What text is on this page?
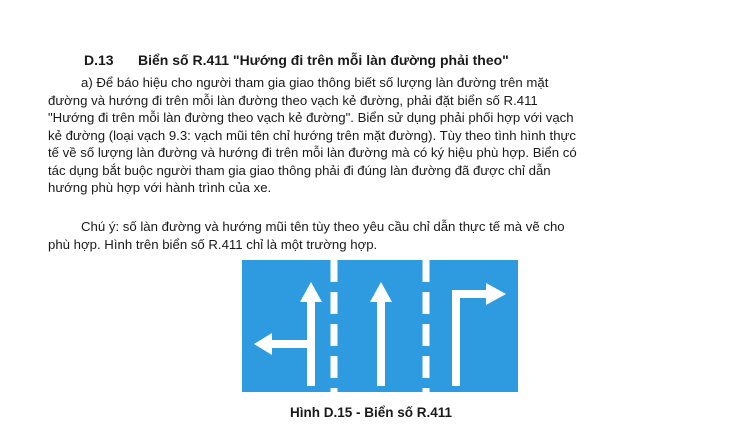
D.13 Biển số R.411 "Hướng đi trên mỗi làn đường phải theo"

a) Để báo hiệu cho người tham gia giao thông biết số lượng làn đường trên mặt
đường và hướng đi trên mỗi làn đường theo vạch kẻ đường, phải đặt biển số R.411
"Hướng đi trên mỗi làn đường theo vạch kẻ đường". Biển sử dụng phải phối hợp với vạch
kẻ đường (loại vạch 9.3: vạch mũi tên chỉ hướng trên mặt đường). Tùy theo tình hình thực
tế về số lượng làn đường và hướng đi trên mỗi làn đường mà có ký hiệu phù hợp. Biển có
tác dụng bắt buộc người tham gia giao thông phải đi đúng làn đường đã được chỉ dẫn
hướng phù hợp với hành trình của xe.

Chú ý: số làn đường và hướng mũi tên tùy theo yêu cầu chỉ dẫn thực tế mà vẽ cho
phù hợp. Hình trên biển số R.411 chỉ là một trường hợp.

Hình D.15 - Biển số R.411
